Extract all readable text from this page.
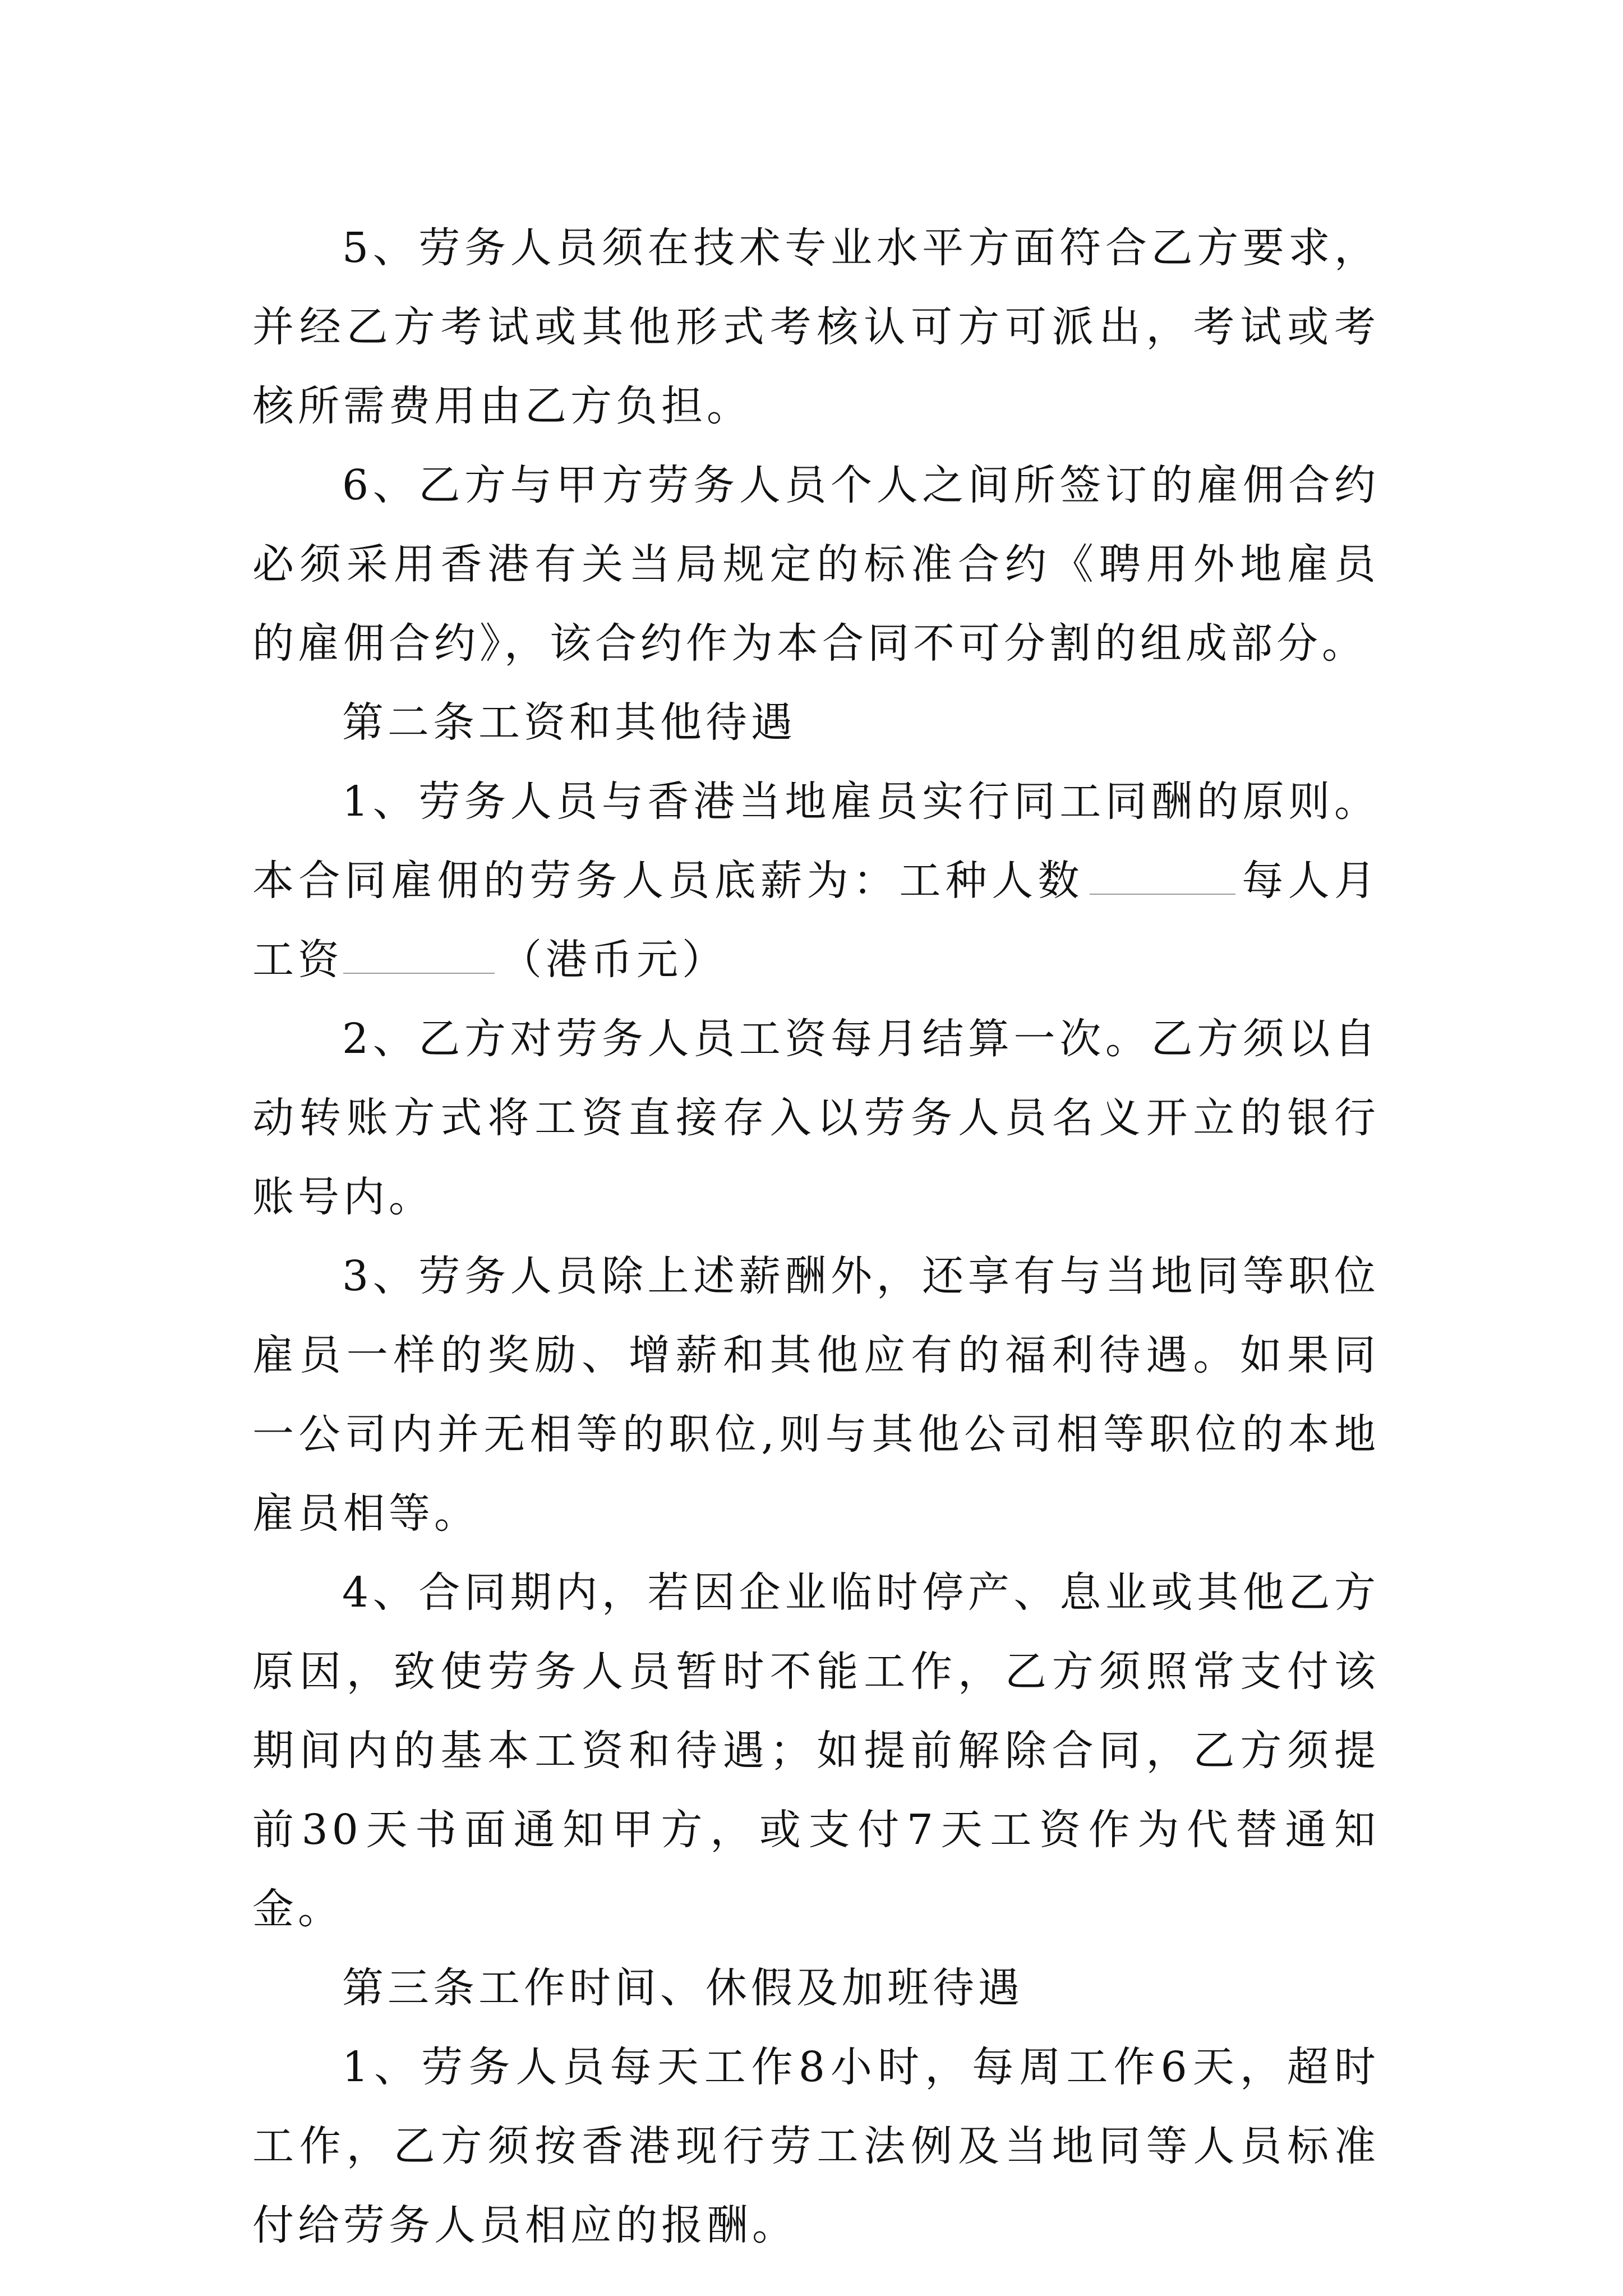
5、劳务人员须在技术专业水平方面符合乙方要求，并经乙方考试或其他形式考核认可方可派出，考试或考核所需费用由乙方负担。

6、乙方与甲方劳务人员个人之间所签订的雇佣合约必须采用香港有关当局规定的标准合约《聘用外地雇员的雇佣合约》，该合约作为本合同不可分割的组成部分。

第二条工资和其他待遇

1、劳务人员与香港当地雇员实行同工同酬的原则。本合同雇佣的劳务人员底薪为：工种人数	每人月工资	（港币元）

2、乙方对劳务人员工资每月结算一次。乙方须以自动转账方式将工资直接存入以劳务人员名义开立的银行账号内。

3、劳务人员除上述薪酬外，还享有与当地同等职位雇员一样的奖励、增薪和其他应有的福利待遇。如果同一公司内并无相等的职位,则与其他公司相等职位的本地雇员相等。

4、合同期内，若因企业临时停产、息业或其他乙方原因，致使劳务人员暂时不能工作，乙方须照常支付该期间内的基本工资和待遇；如提前解除合同，乙方须提前30天书面通知甲方，或支付7天工资作为代替通知金。

第三条工作时间、休假及加班待遇

1、劳务人员每天工作8小时，每周工作6天，超时工作，乙方须按香港现行劳工法例及当地同等人员标准付给劳务人员相应的报酬。
